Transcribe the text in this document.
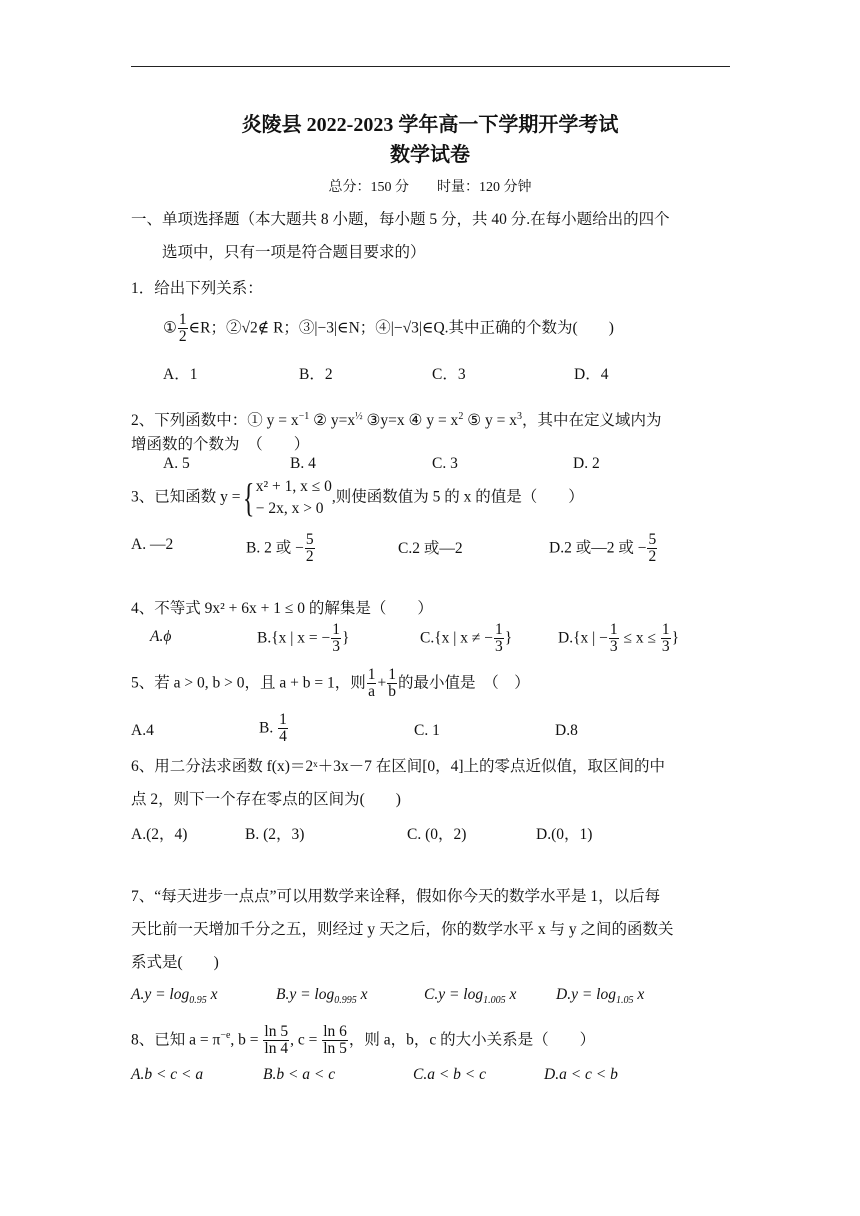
炎陵县 2022-2023 学年高一下学期开学考试
数学试卷
总分：150 分　　时量：120 分钟
一、单项选择题（本大题共 8 小题，每小题 5 分，共 40 分.在每小题给出的四个
选项中，只有一项是符合题目要求的）
1．给出下列关系：
① $\frac{1}{2}$ ∈R；②√2∉ R；③|−3|∈N；④|−√3|∈Q.其中正确的个数为(　　)
A．1	B．2	C．3	D．4
2、下列函数中：① $y = x^{-1}$ ② $y=x^{\frac{1}{2}}$ ③y=x ④ $y = x^2$ ⑤ $y = x^3$，其中在定义域内为
增函数的个数为　（　　）
A. 5	B. 4	C. 3	D. 2
3、已知函数 y ={ x² + 1, x ≤ 0
− 2x, x > 0
,则使函数值为 5 的 x 的值是（　　）
A. —2	B. 2 或 − $\frac{5}{2}$	C.2 或—2	D.2 或—2 或 − $\frac{5}{2}$
4、不等式 9x² + 6x + 1 ≤ 0 的解集是（　　）
A.ϕ	B.{x | x = − $\frac{1}{3}$ }	C.{x | x ≠ − $\frac{1}{3}$ }	D.{x | − $\frac{1}{3} \le x \le \frac{1}{3}$ }
5、若 a > 0, b > 0，且 a + b = 1，则 $\frac{1}{a} + \frac{1}{b}$ 的最小值是　（　）
A.4	B. $\frac{1}{4}$	C. 1	D.8
6、用二分法求函数 f(x)＝2ˣ＋3x－7 在区间[0，4]上的零点近似值，取区间的中
点 2，则下一个存在零点的区间为(　　)
A.(2，4)	B. (2，3)	C. (0，2)	D.(0，1)
7、“每天进步一点点”可以用数学来诠释，假如你今天的数学水平是 1，以后每
天比前一天增加千分之五，则经过 y 天之后，你的数学水平 x 与 y 之间的函数关
系式是(　　)
$A.y = \log_{0.95} x$	$B.y = \log_{0.995} x$	$C.y = \log_{1.005} x$	$D.y = \log_{1.05} x$
8、已知 $a = \pi^{-e}$, $b = \frac{\ln 5}{\ln 4}$ , $c = \frac{\ln 6}{\ln 5}$ ，则 a，b，c 的大小关系是（　　）
A.b < c < a	B.b < a < c	C.a < b < c	D.a < c < b
